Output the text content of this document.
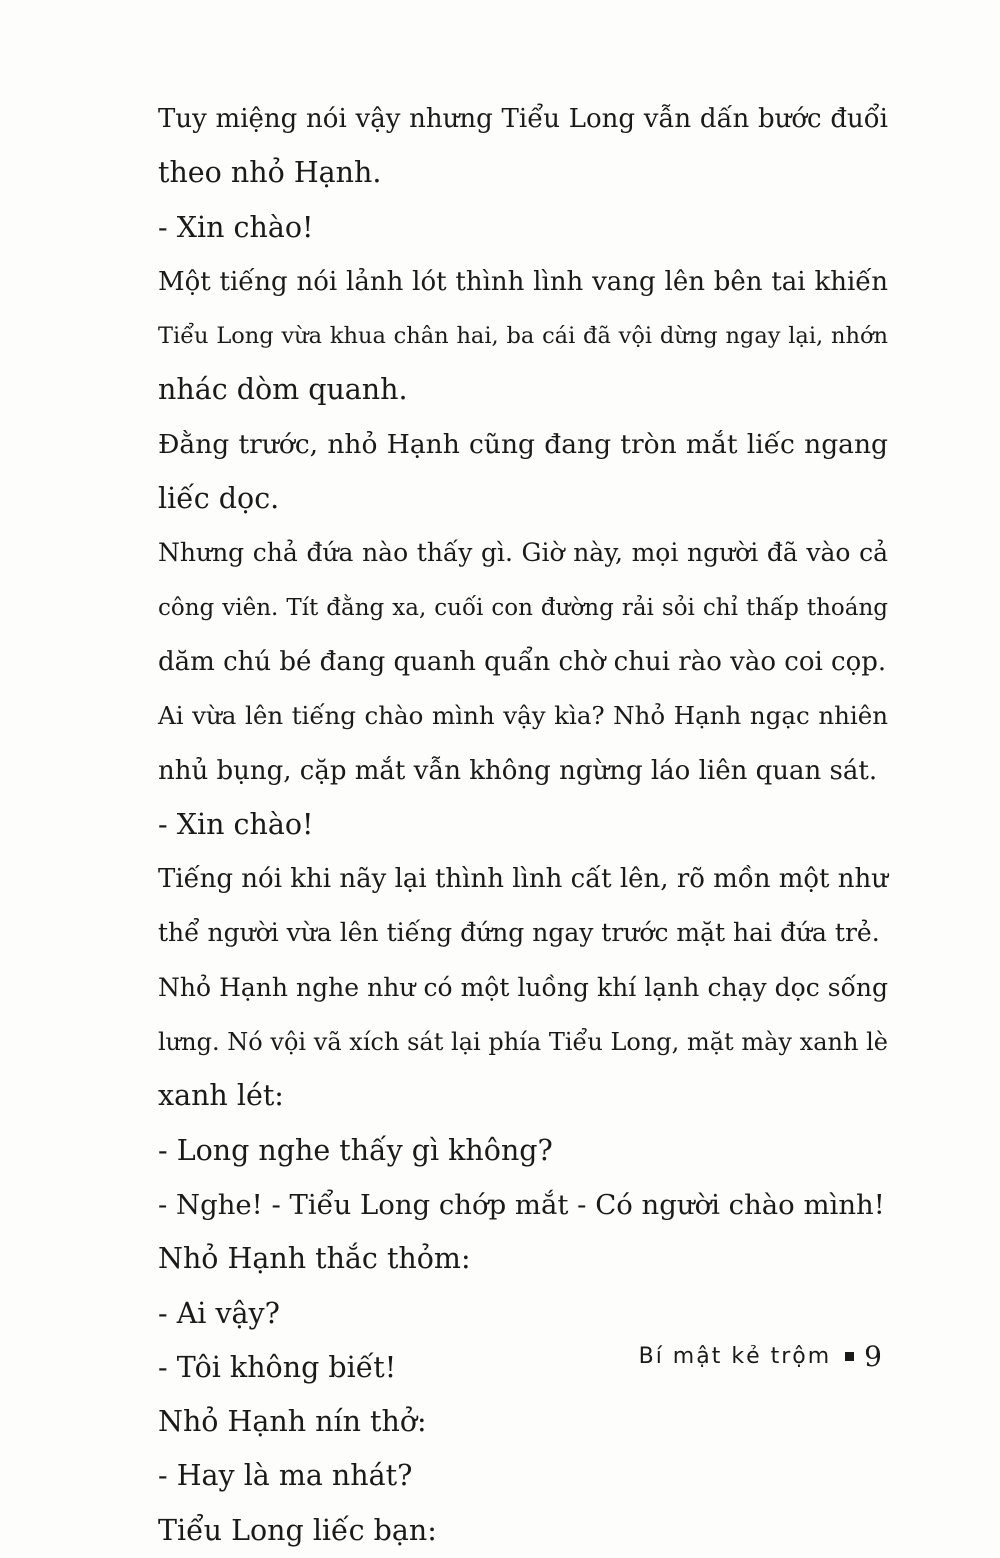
Tuy miệng nói vậy nhưng Tiểu Long vẫn dấn bước đuổi
theo nhỏ Hạnh.
- Xin chào!
Một tiếng nói lảnh lót thình lình vang lên bên tai khiến
Tiểu Long vừa khua chân hai, ba cái đã vội dừng ngay lại, nhớn
nhác dòm quanh.
Đằng trước, nhỏ Hạnh cũng đang tròn mắt liếc ngang
liếc dọc.
Nhưng chả đứa nào thấy gì. Giờ này, mọi người đã vào cả
công viên. Tít đằng xa, cuối con đường rải sỏi chỉ thấp thoáng
dăm chú bé đang quanh quẩn chờ chui rào vào coi cọp.
Ai vừa lên tiếng chào mình vậy kìa? Nhỏ Hạnh ngạc nhiên
nhủ bụng, cặp mắt vẫn không ngừng láo liên quan sát.
- Xin chào!
Tiếng nói khi nãy lại thình lình cất lên, rõ mồn một như
thể người vừa lên tiếng đứng ngay trước mặt hai đứa trẻ.
Nhỏ Hạnh nghe như có một luồng khí lạnh chạy dọc sống
lưng. Nó vội vã xích sát lại phía Tiểu Long, mặt mày xanh lè
xanh lét:
- Long nghe thấy gì không?
- Nghe! - Tiểu Long chớp mắt - Có người chào mình!
Nhỏ Hạnh thắc thỏm:
- Ai vậy?
- Tôi không biết!
Nhỏ Hạnh nín thở:
- Hay là ma nhát?
Tiểu Long liếc bạn:
Bí mật kẻ trộm 9
